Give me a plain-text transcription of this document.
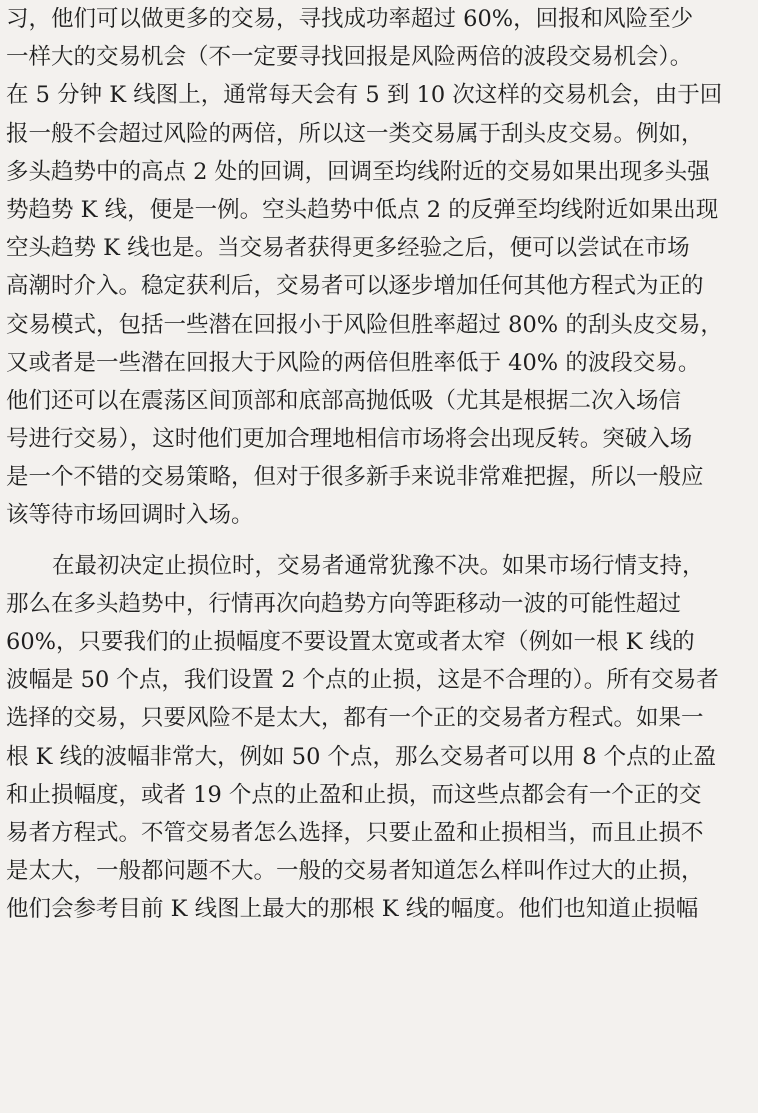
习，他们可以做更多的交易，寻找成功率超过 60%，回报和风险至少
一样大的交易机会（不一定要寻找回报是风险两倍的波段交易机会）。
在 5 分钟 K 线图上，通常每天会有 5 到 10 次这样的交易机会，由于回
报一般不会超过风险的两倍，所以这一类交易属于刮头皮交易。例如，
多头趋势中的高点 2 处的回调，回调至均线附近的交易如果出现多头强
势趋势 K 线，便是一例。空头趋势中低点 2 的反弹至均线附近如果出现
空头趋势 K 线也是。当交易者获得更多经验之后，便可以尝试在市场
高潮时介入。稳定获利后，交易者可以逐步增加任何其他方程式为正的
交易模式，包括一些潜在回报小于风险但胜率超过 80% 的刮头皮交易，
又或者是一些潜在回报大于风险的两倍但胜率低于 40% 的波段交易。
他们还可以在震荡区间顶部和底部高抛低吸（尤其是根据二次入场信
号进行交易），这时他们更加合理地相信市场将会出现反转。突破入场
是一个不错的交易策略，但对于很多新手来说非常难把握，所以一般应
该等待市场回调时入场。
在最初决定止损位时，交易者通常犹豫不决。如果市场行情支持，
那么在多头趋势中，行情再次向趋势方向等距移动一波的可能性超过
60%，只要我们的止损幅度不要设置太宽或者太窄（例如一根 K 线的
波幅是 50 个点，我们设置 2 个点的止损，这是不合理的）。所有交易者
选择的交易，只要风险不是太大，都有一个正的交易者方程式。如果一
根 K 线的波幅非常大，例如 50 个点，那么交易者可以用 8 个点的止盈
和止损幅度，或者 19 个点的止盈和止损，而这些点都会有一个正的交
易者方程式。不管交易者怎么选择，只要止盈和止损相当，而且止损不
是太大，一般都问题不大。一般的交易者知道怎么样叫作过大的止损，
他们会参考目前 K 线图上最大的那根 K 线的幅度。他们也知道止损幅
